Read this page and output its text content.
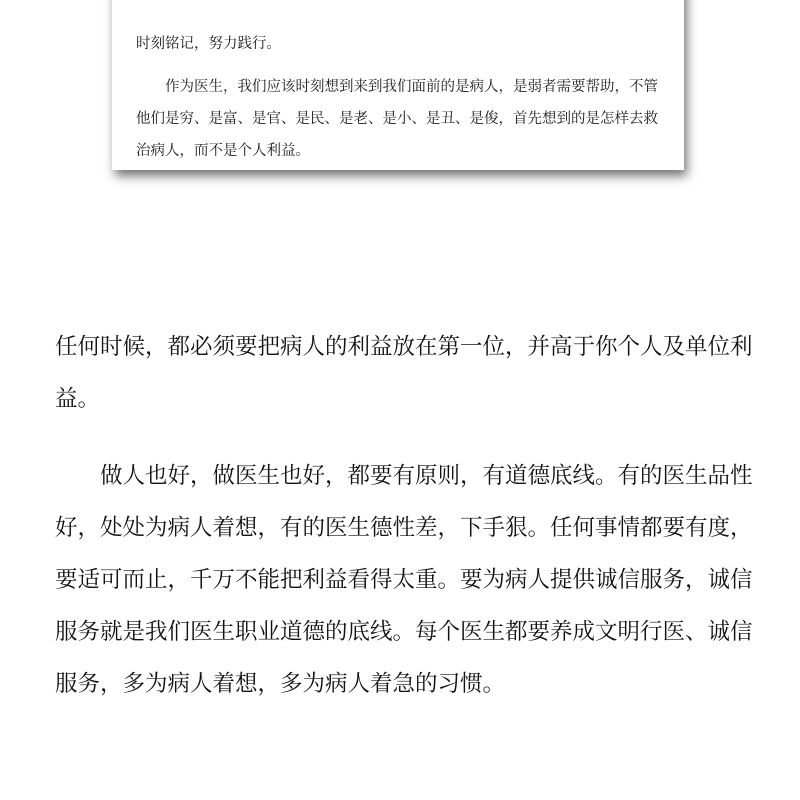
时刻铭记，努力践行。

作为医生，我们应该时刻想到来到我们面前的是病人，是弱者需要帮助，不管他们是穷、是富、是官、是民、是老、是小、是丑、是俊，首先想到的是怎样去救治病人，而不是个人利益。

任何时候，都必须要把病人的利益放在第一位，并高于你个人及单位利益。

做人也好，做医生也好，都要有原则，有道德底线。有的医生品性好，处处为病人着想，有的医生德性差，下手狠。任何事情都要有度，要适可而止，千万不能把利益看得太重。要为病人提供诚信服务，诚信服务就是我们医生职业道德的底线。每个医生都要养成文明行医、诚信服务，多为病人着想，多为病人着急的习惯。
